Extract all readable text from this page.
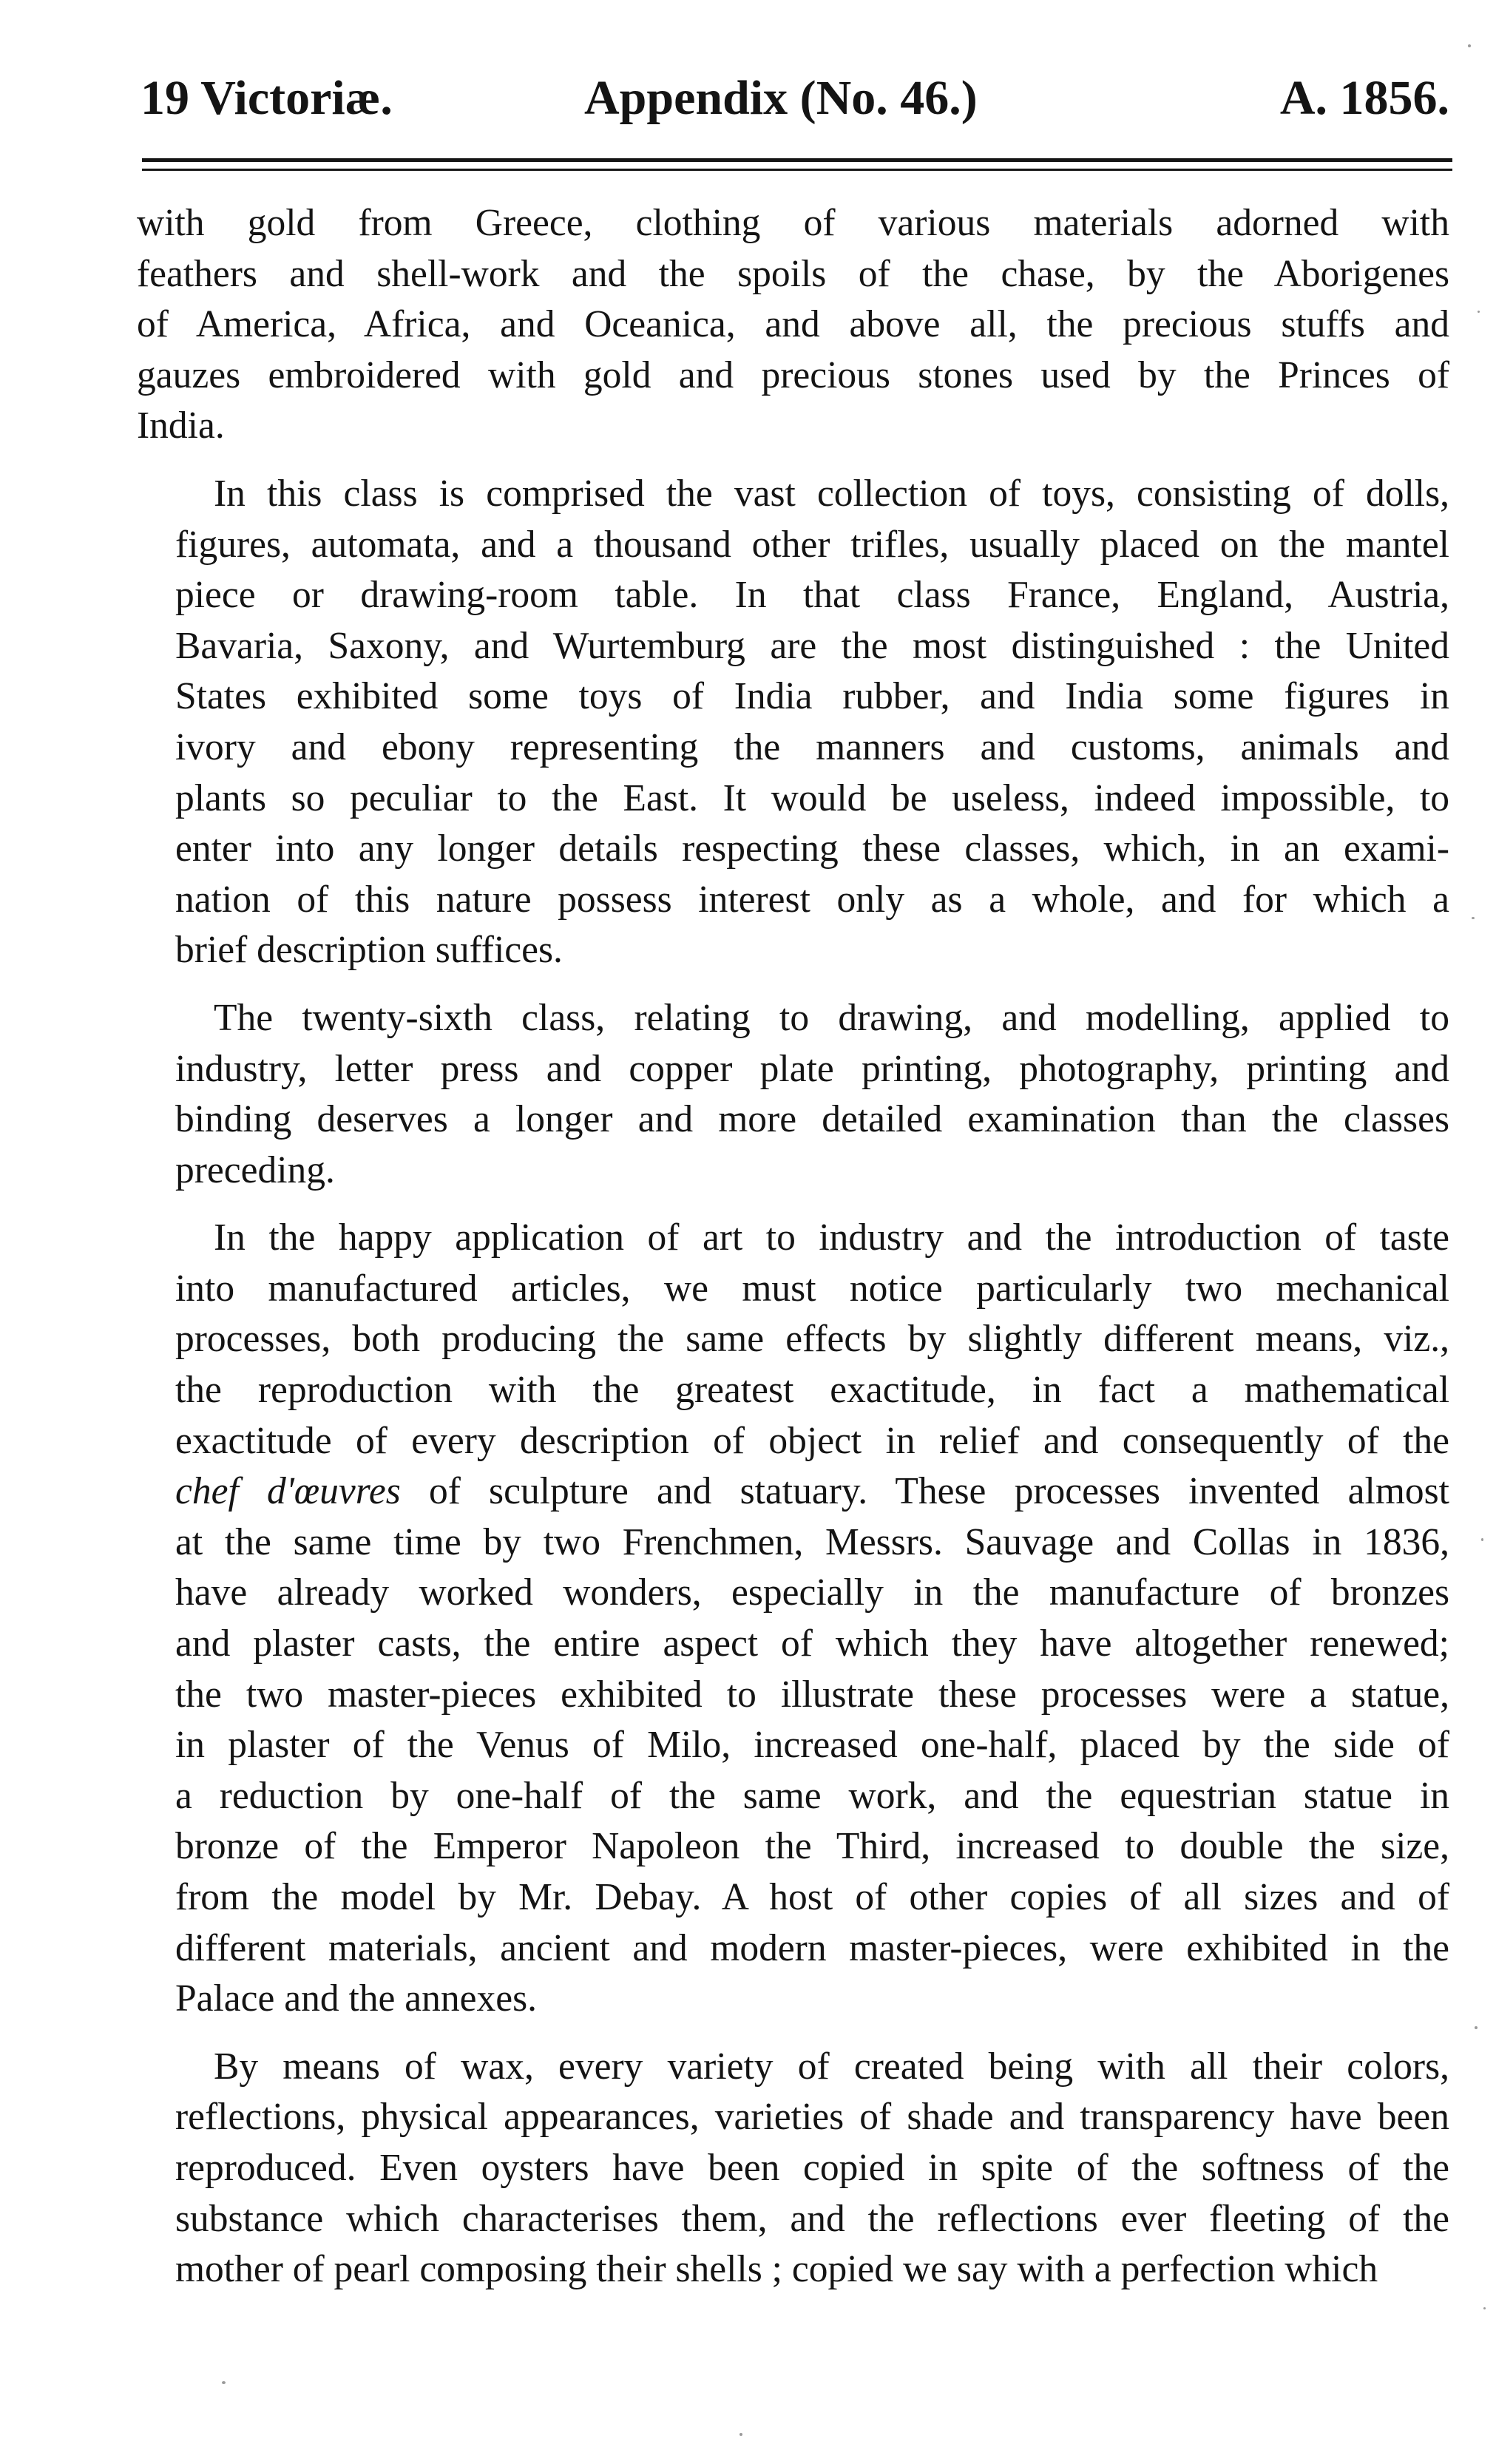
19 Victoriæ.	Appendix (No. 46.)	A. 1856.
with gold from Greece, clothing of various materials adorned with
feathers and shell-work and the spoils of the chase, by the Aborigenes
of America, Africa, and Oceanica, and above all, the precious stuffs and
gauzes embroidered with gold and precious stones used by the Princes of
India.
In this class is comprised the vast collection of toys, consisting of dolls,
figures, automata, and a thousand other trifles, usually placed on the mantel
piece or drawing-room table. In that class France, England, Austria,
Bavaria, Saxony, and Wurtemburg are the most distinguished : the United
States exhibited some toys of India rubber, and India some figures in
ivory and ebony representing the manners and customs, animals and
plants so peculiar to the East. It would be useless, indeed impossible, to
enter into any longer details respecting these classes, which, in an exami-
nation of this nature possess interest only as a whole, and for which a
brief description suffices.
The twenty-sixth class, relating to drawing, and modelling, applied to
industry, letter press and copper plate printing, photography, printing and
binding deserves a longer and more detailed examination than the classes
preceding.
In the happy application of art to industry and the introduction of taste
into manufactured articles, we must notice particularly two mechanical
processes, both producing the same effects by slightly different means, viz.,
the reproduction with the greatest exactitude, in fact a mathematical
exactitude of every description of object in relief and consequently of the
chef d'œuvres of sculpture and statuary. These processes invented almost
at the same time by two Frenchmen, Messrs. Sauvage and Collas in 1836,
have already worked wonders, especially in the manufacture of bronzes
and plaster casts, the entire aspect of which they have altogether renewed;
the two master-pieces exhibited to illustrate these processes were a statue,
in plaster of the Venus of Milo, increased one-half, placed by the side of
a reduction by one-half of the same work, and the equestrian statue in
bronze of the Emperor Napoleon the Third, increased to double the size,
from the model by Mr. Debay. A host of other copies of all sizes and of
different materials, ancient and modern master-pieces, were exhibited in the
Palace and the annexes.
By means of wax, every variety of created being with all their colors,
reflections, physical appearances, varieties of shade and transparency have been
reproduced. Even oysters have been copied in spite of the softness of the
substance which characterises them, and the reflections ever fleeting of the
mother of pearl composing their shells ; copied we say with a perfection which
